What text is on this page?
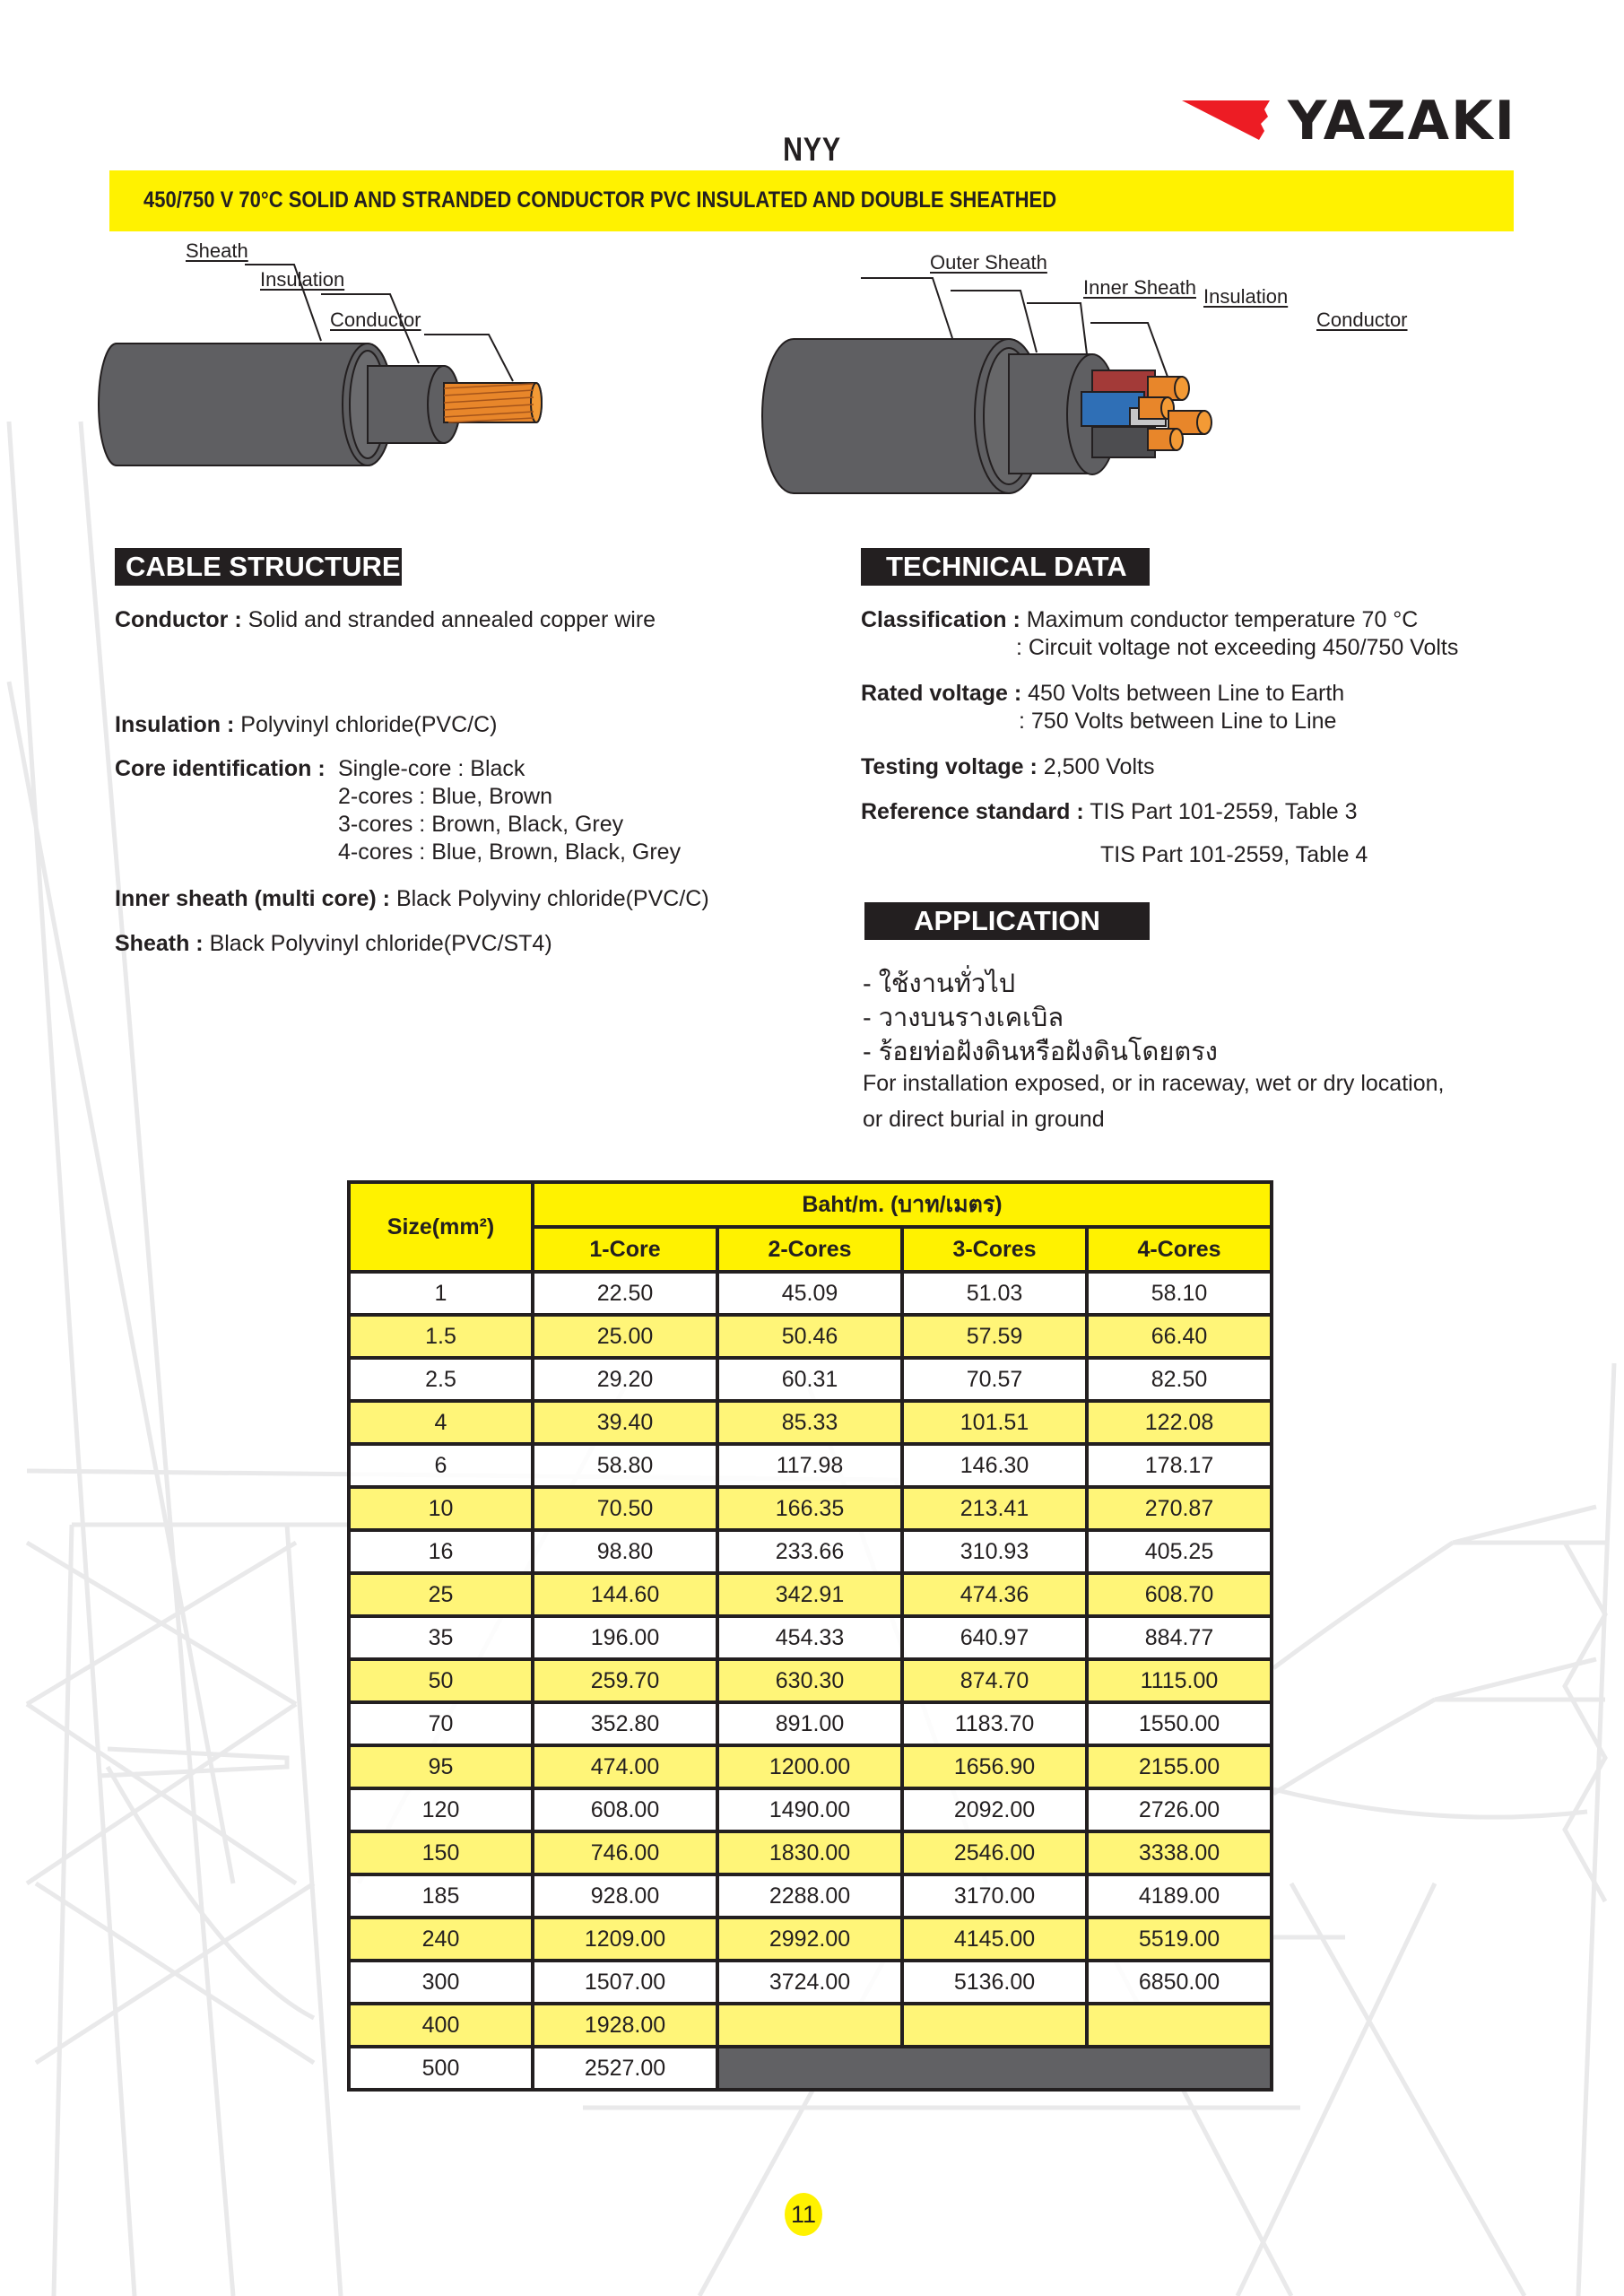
YAZAKI
NYY
450/750 V 70°C SOLID AND STRANDED CONDUCTOR PVC INSULATED AND DOUBLE SHEATHED
Sheath
Insulation
Conductor
Outer Sheath
Inner Sheath Insulation
Conductor
CABLE STRUCTURE
Conductor : Solid and stranded annealed copper wire
Insulation : Polyvinyl chloride(PVC/C)
Core identification : Single-core : Black
2-cores : Blue, Brown
3-cores : Brown, Black, Grey
4-cores : Blue, Brown, Black, Grey
Inner sheath (multi core) : Black Polyviny chloride(PVC/C)
Sheath : Black Polyvinyl chloride(PVC/ST4)
TECHNICAL DATA
Classification : Maximum conductor temperature 70 °C
: Circuit voltage not exceeding 450/750 Volts
Rated voltage : 450 Volts between Line to Earth
: 750 Volts between Line to Line
Testing voltage : 2,500 Volts
Reference standard : TIS Part 101-2559, Table 3
TIS Part 101-2559, Table 4
APPLICATION
- ใช้งานทั่วไป
- วางบนรางเคเบิล
- ร้อยท่อฝังดินหรือฝังดินโดยตรง
For installation exposed, or in raceway, wet or dry location,
or direct burial in ground
Size(mm²)	Baht/m. (บาท/เมตร)			
	1-Core	2-Cores	3-Cores	4-Cores
1	22.50	45.09	51.03	58.10
1.5	25.00	50.46	57.59	66.40
2.5	29.20	60.31	70.57	82.50
4	39.40	85.33	101.51	122.08
6	58.80	117.98	146.30	178.17
10	70.50	166.35	213.41	270.87
16	98.80	233.66	310.93	405.25
25	144.60	342.91	474.36	608.70
35	196.00	454.33	640.97	884.77
50	259.70	630.30	874.70	1115.00
70	352.80	891.00	1183.70	1550.00
95	474.00	1200.00	1656.90	2155.00
120	608.00	1490.00	2092.00	2726.00
150	746.00	1830.00	2546.00	3338.00
185	928.00	2288.00	3170.00	4189.00
240	1209.00	2992.00	4145.00	5519.00
300	1507.00	3724.00	5136.00	6850.00
400	1928.00			
500	2527.00			
11
